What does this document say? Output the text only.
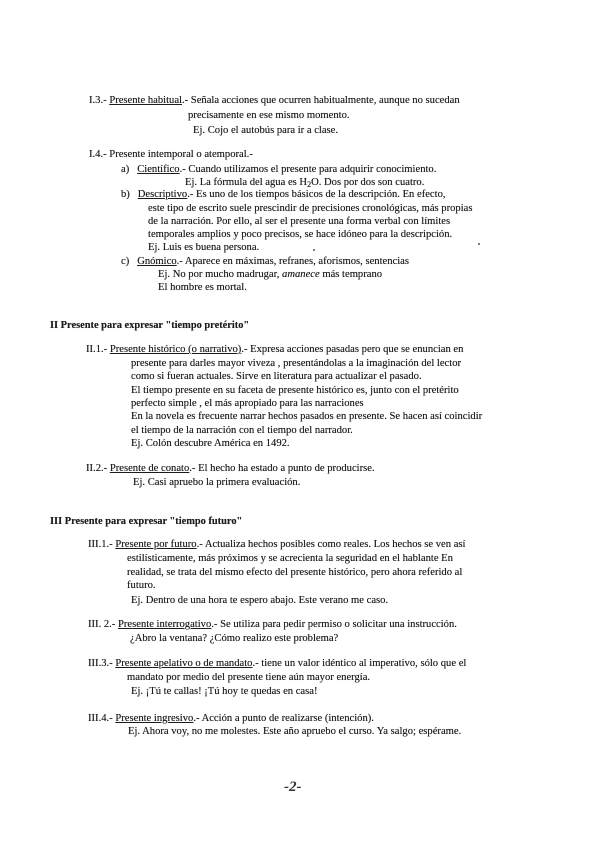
I.3.- Presente habitual.- Señala acciones que ocurren habitualmente, aunque no sucedan
precisamente en ese mismo momento.
Ej. Cojo el autobús para ir a clase.
I.4.- Presente intemporal o atemporal.-
a) Científico.- Cuando utilizamos el presente para adquirir conocimiento.
Ej. La fórmula del agua es $H_2O$. Dos por dos son cuatro.
b) Descriptivo.- Es uno de los tiempos básicos de la descripción. En efecto,
este tipo de escrito suele prescindir de precisiones cronológicas, más propias
de la narración. Por ello, al ser el presente una forma verbal con límites
temporales amplios y poco precisos, se hace idóneo para la descripción.
Ej. Luis es buena persona.
c) Gnómico.- Aparece en máximas, refranes, aforismos, sentencias
Ej. No por mucho madrugar, amanece más temprano
El hombre es mortal.
II Presente para expresar "tiempo pretérito"
II.1.- Presente histórico (o narrativo).- Expresa acciones pasadas pero que se enuncian en
presente para darles mayor viveza , presentándolas a la imaginación del lector
como si fueran actuales. Sirve en literatura para actualizar el pasado.
El tiempo presente en su faceta de presente histórico es, junto con el pretérito
perfecto simple , el más apropiado para las narraciones
En la novela es frecuente narrar hechos pasados en presente. Se hacen así coincidir
el tiempo de la narración con el tiempo del narrador.
Ej. Colón descubre América en 1492.
II.2.- Presente de conato.- El hecho ha estado a punto de producirse.
Ej. Casi apruebo la primera evaluación.
III Presente para expresar "tiempo futuro"
III.1.- Presente por futuro.- Actualiza hechos posibles como reales. Los hechos se ven así
estilísticamente, más próximos y se acrecienta la seguridad en el hablante En
realidad, se trata del mismo efecto del presente histórico, pero ahora referido al
futuro.
Ej. Dentro de una hora te espero abajo. Este verano me caso.
III. 2.- Presente interrogativo.- Se utiliza para pedir permiso o solicitar una instrucción.
¿Abro la ventana? ¿Cómo realizo este problema?
III.3.- Presente apelativo o de mandato.- tiene un valor idéntico al imperativo, sólo que el
mandato por medio del presente tiene aún mayor energía.
Ej. ¡Tú te callas! ¡Tú hoy te quedas en casa!
III.4.- Presente ingresivo.- Acción a punto de realizarse (intención).
Ej. Ahora voy, no me molestes. Este año apruebo el curso. Ya salgo; espérame.
-2-
